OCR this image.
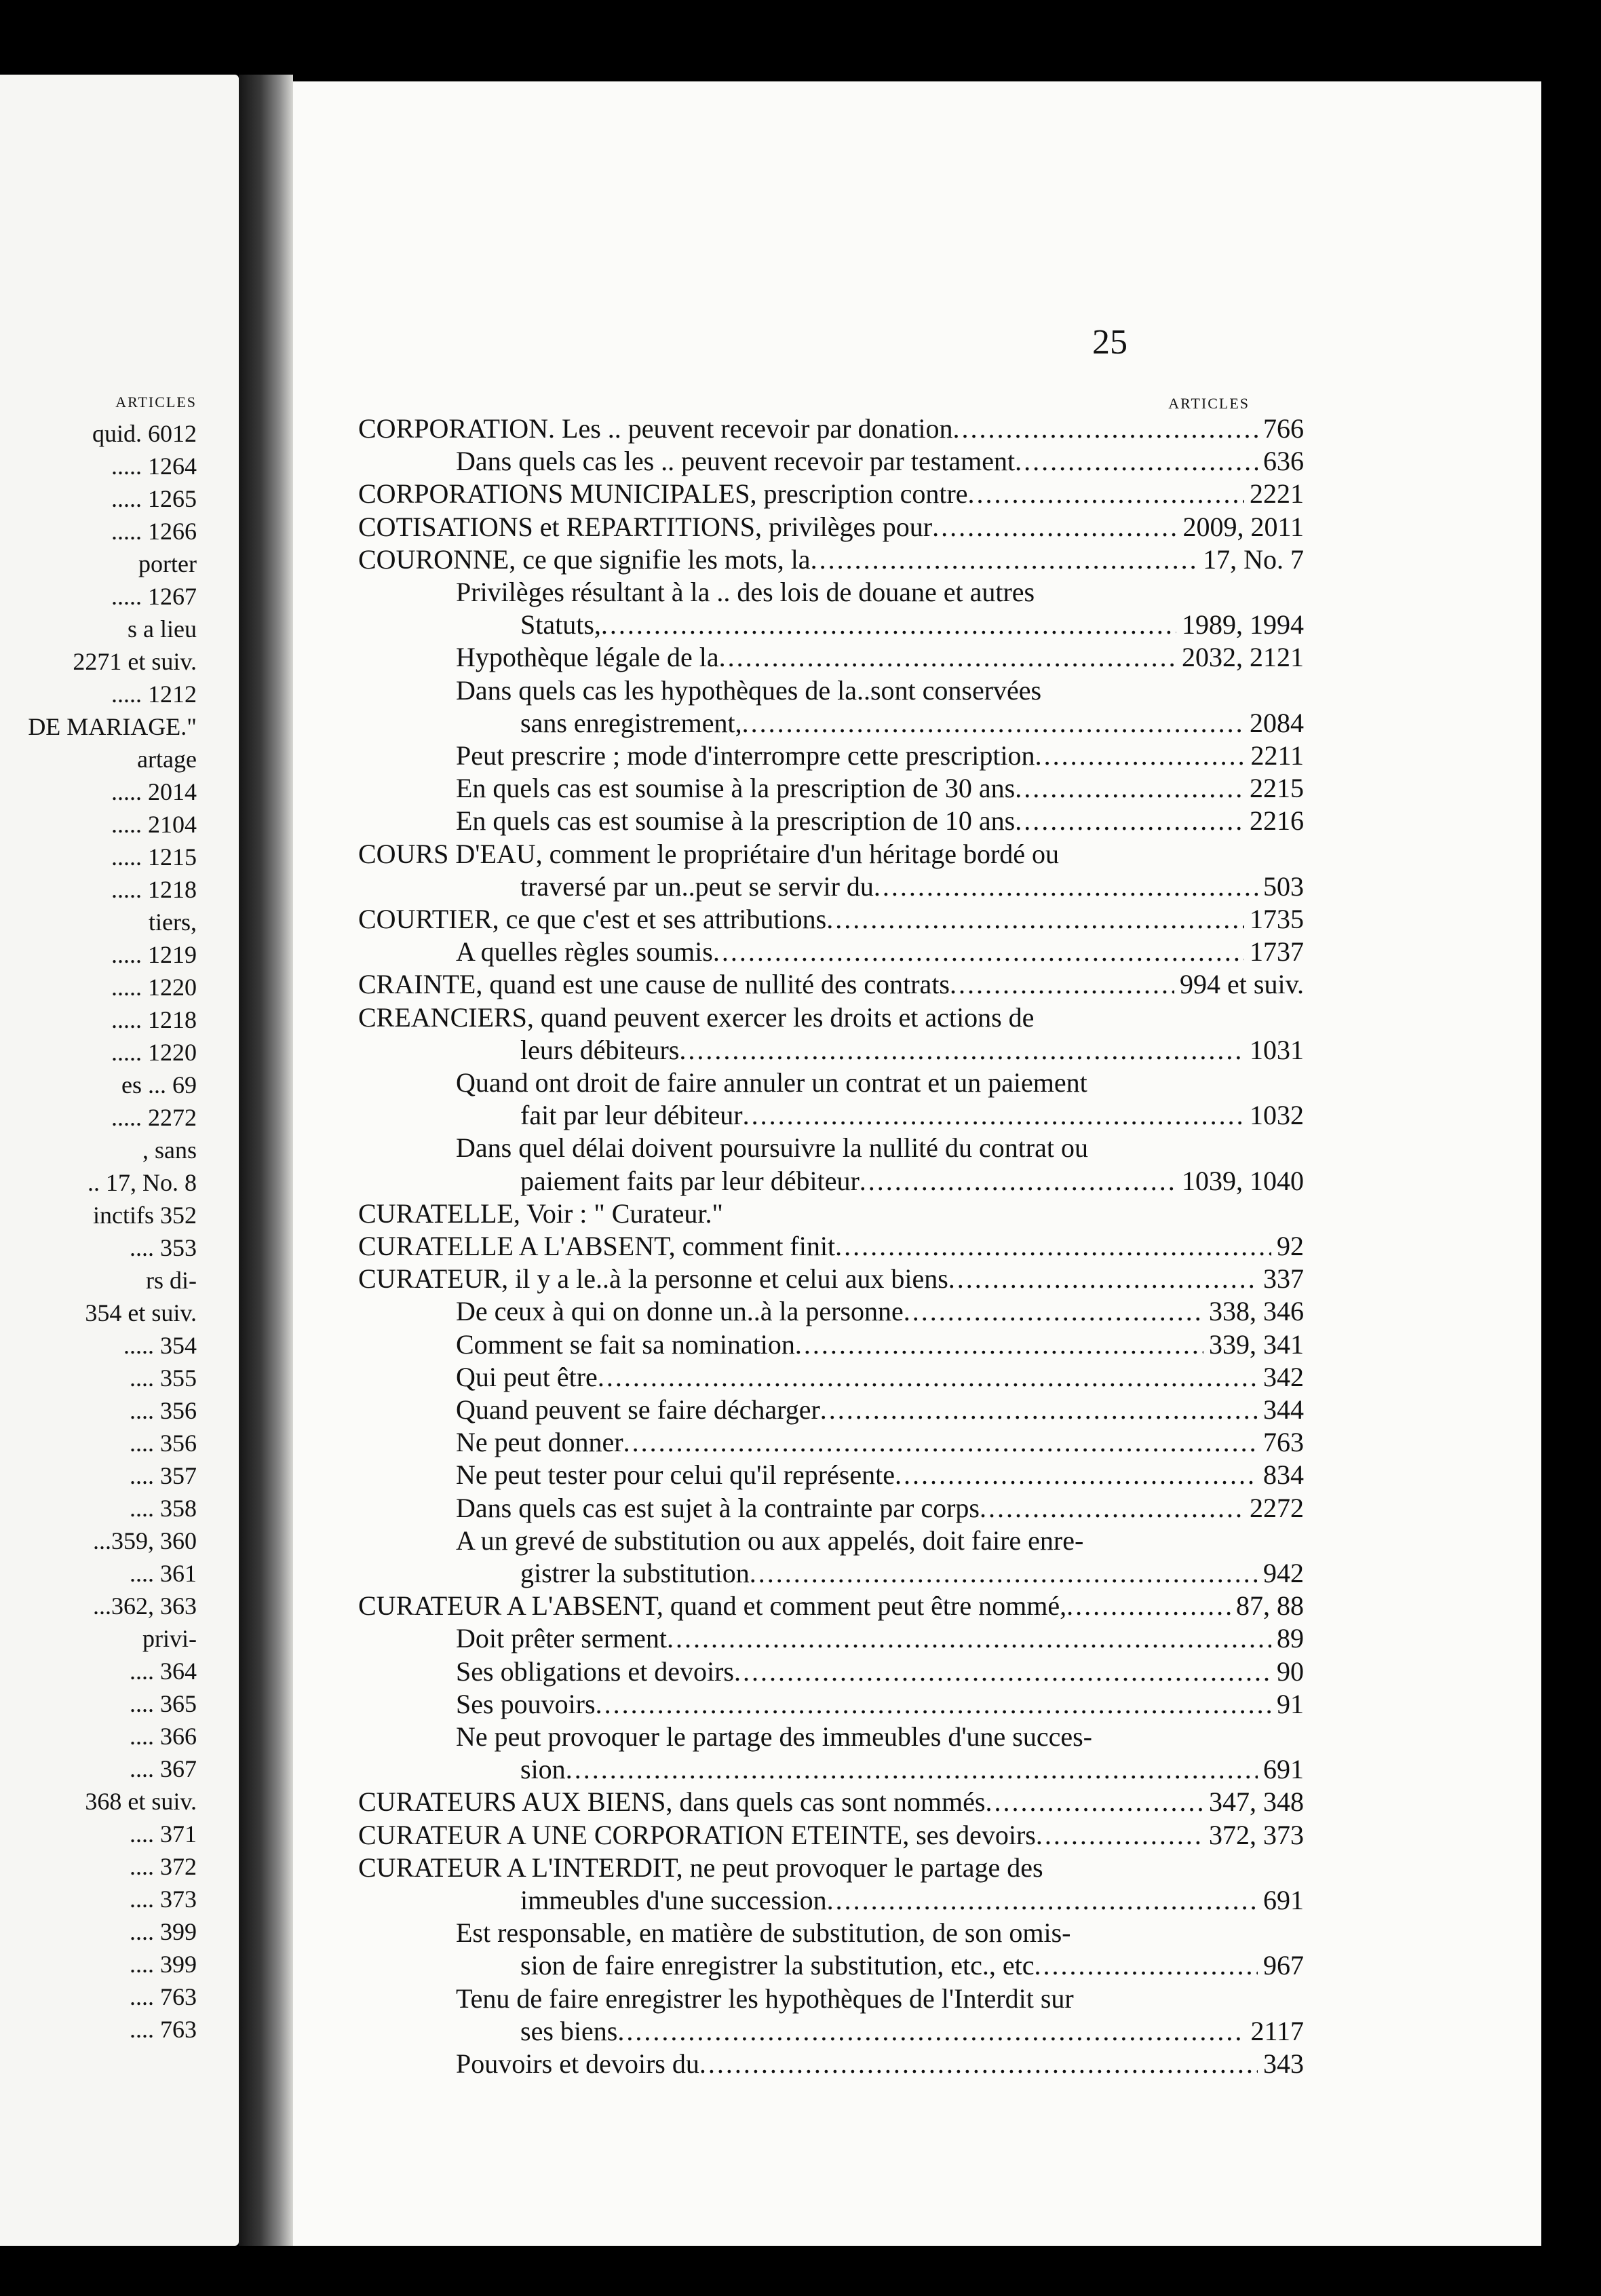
ARTICLES
quid. 6012
..... 1264
..... 1265
..... 1266
porter
..... 1267
s a lieu
2271 et suiv.
..... 1212
DE MARIAGE."
artage
..... 2014
..... 2104
..... 1215
..... 1218
tiers,
..... 1219
..... 1220
..... 1218
..... 1220
es ... 69
..... 2272
, sans
.. 17, No. 8
inctifs 352
.... 353
rs di-
354 et suiv.
..... 354
.... 355
.... 356
.... 356
.... 357
.... 358
...359, 360
.... 361
...362, 363
privi-
.... 364
.... 365
.... 366
.... 367
368 et suiv.
.... 371
.... 372
.... 373
.... 399
.... 399
.... 763
.... 763
25
ARTICLES
CORPORATION. Les .. peuvent recevoir par donation .....	766
Dans quels cas les .. peuvent recevoir par testament .....	636
CORPORATIONS MUNICIPALES, prescription contre .....	2221
COTISATIONS et REPARTITIONS, privilèges pour .....	2009, 2011
COURONNE, ce que signifie les mots, la .....	17, No. 7
Privilèges résultant à la .. des lois de douane et autres
Statuts, .....	1989, 1994
Hypothèque légale de la .....	2032, 2121
Dans quels cas les hypothèques de la..sont conservées
sans enregistrement, .....	2084
Peut prescrire ; mode d'interrompre cette prescription .....	2211
En quels cas est soumise à la prescription de 30 ans .....	2215
En quels cas est soumise à la prescription de 10 ans .....	2216
COURS D'EAU, comment le propriétaire d'un héritage bordé ou
traversé par un..peut se servir du .....	503
COURTIER, ce que c'est et ses attributions .....	1735
A quelles règles soumis .....	1737
CRAINTE, quand est une cause de nullité des contrats .....	994 et suiv.
CREANCIERS, quand peuvent exercer les droits et actions de
leurs débiteurs .....	1031
Quand ont droit de faire annuler un contrat et un paiement
fait par leur débiteur .....	1032
Dans quel délai doivent poursuivre la nullité du contrat ou
paiement faits par leur débiteur .....	1039, 1040
CURATELLE, Voir : " Curateur."
CURATELLE A L'ABSENT, comment finit .....	92
CURATEUR, il y a le..à la personne et celui aux biens .....	337
De ceux à qui on donne un..à la personne .....	338, 346
Comment se fait sa nomination .....	339, 341
Qui peut être .....	342
Quand peuvent se faire décharger .....	344
Ne peut donner .....	763
Ne peut tester pour celui qu'il représente .....	834
Dans quels cas est sujet à la contrainte par corps .....	2272
A un grevé de substitution ou aux appelés, doit faire enre-
gistrer la substitution .....	942
CURATEUR A L'ABSENT, quand et comment peut être nommé, .....	87, 88
Doit prêter serment .....	89
Ses obligations et devoirs .....	90
Ses pouvoirs .....	91
Ne peut provoquer le partage des immeubles d'une succes-
sion .....	691
CURATEURS AUX BIENS, dans quels cas sont nommés .....	347, 348
CURATEUR A UNE CORPORATION ETEINTE, ses devoirs .....	372, 373
CURATEUR A L'INTERDIT, ne peut provoquer le partage des
immeubles d'une succession .....	691
Est responsable, en matière de substitution, de son omis-
sion de faire enregistrer la substitution, etc., etc .....	967
Tenu de faire enregistrer les hypothèques de l'Interdit sur
ses biens .....	2117
Pouvoirs et devoirs du .....	343
